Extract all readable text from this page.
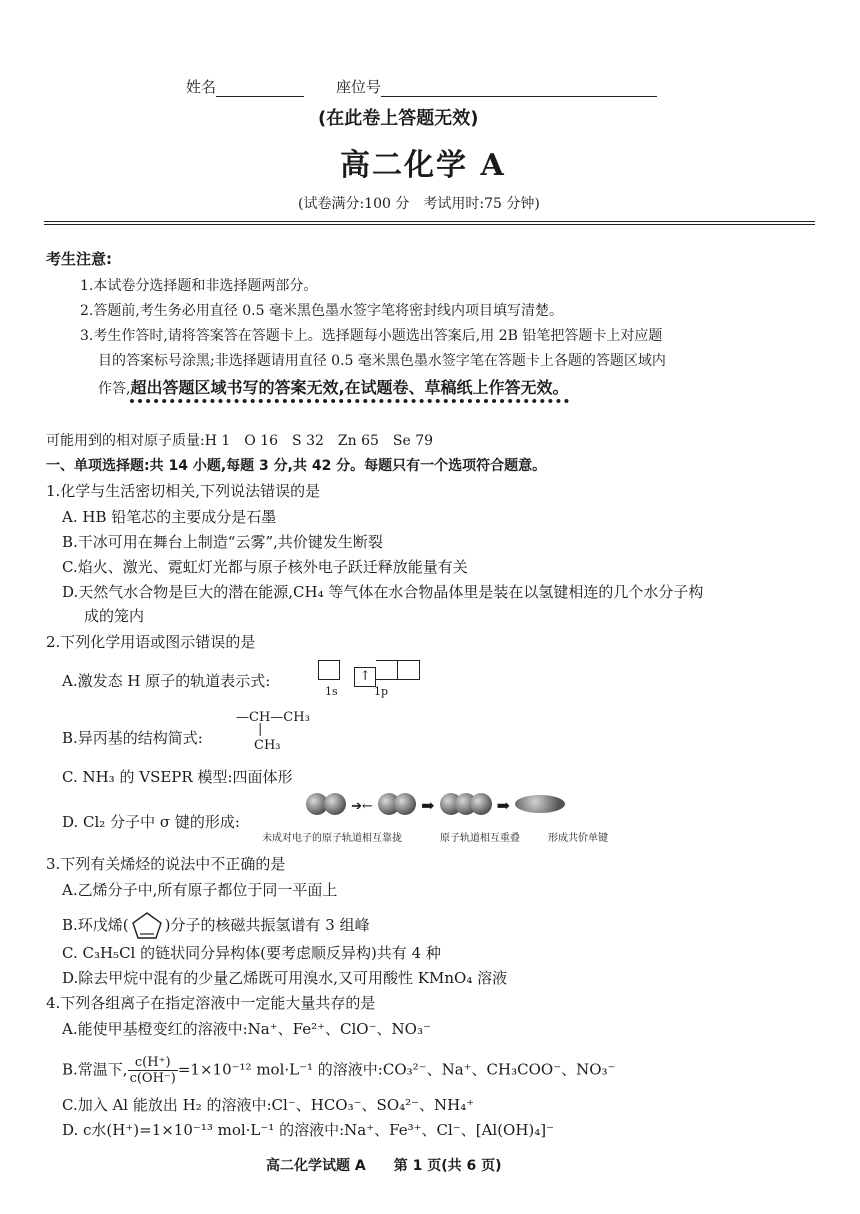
姓名	座位号
(在此卷上答题无效)
高二化学 A
(试卷满分:100 分　考试用时:75 分钟)
考生注意:
1.本试卷分选择题和非选择题两部分。
2.答题前,考生务必用直径 0.5 毫米黑色墨水签字笔将密封线内项目填写清楚。
3.考生作答时,请将答案答在答题卡上。选择题每小题选出答案后,用 2B 铅笔把答题卡上对应题
目的答案标号涂黑;非选择题请用直径 0.5 毫米黑色墨水签字笔在答题卡上各题的答题区域内
作答,超出答题区域书写的答案无效,在试题卷、草稿纸上作答无效。
可能用到的相对原子质量:H 1　O 16　S 32　Zn 65　Se 79
一、单项选择题:共 14 小题,每题 3 分,共 42 分。每题只有一个选项符合题意。
1.化学与生活密切相关,下列说法错误的是
A. HB 铅笔芯的主要成分是石墨
B.干冰可用在舞台上制造“云雾”,共价键发生断裂
C.焰火、激光、霓虹灯光都与原子核外电子跃迁释放能量有关
D.天然气水合物是巨大的潜在能源,CH₄ 等气体在水合物晶体里是装在以氢键相连的几个水分子构
成的笼内
2.下列化学用语或图示错误的是
A.激发态 H 原子的轨道表示式:	↑
1s	1p
B.异丙基的结构简式:
—CH—CH₃
|
CH₃
C. NH₃ 的 VSEPR 模型:四面体形
D. Cl₂ 分子中 σ 键的形成:
➔←	➡	➡
未成对电子的原子轨道相互靠拢	原子轨道相互重叠	形成共价单键
3.下列有关烯烃的说法中不正确的是
A.乙烯分子中,所有原子都位于同一平面上
B.环戊烯( )分子的核磁共振氢谱有 3 组峰
C. C₃H₅Cl 的链状同分异构体(要考虑顺反异构)共有 4 种
D.除去甲烷中混有的少量乙烯既可用溴水,又可用酸性 KMnO₄ 溶液
4.下列各组离子在指定溶液中一定能大量共存的是
A.能使甲基橙变红的溶液中:Na⁺、Fe²⁺、ClO⁻、NO₃⁻
B.常温下, $\frac{c(H^+)}{c(OH^-)} =1\times 10^{-12}$ mol·L⁻¹ 的溶液中:CO₃²⁻、Na⁺、CH₃COO⁻、NO₃⁻
C.加入 Al 能放出 H₂ 的溶液中:Cl⁻、HCO₃⁻、SO₄²⁻、NH₄⁺
D. c水(H⁺)=1×10⁻¹³ mol·L⁻¹ 的溶液中:Na⁺、Fe³⁺、Cl⁻、[Al(OH)₄]⁻
高二化学试题 A　　第 1 页(共 6 页)
